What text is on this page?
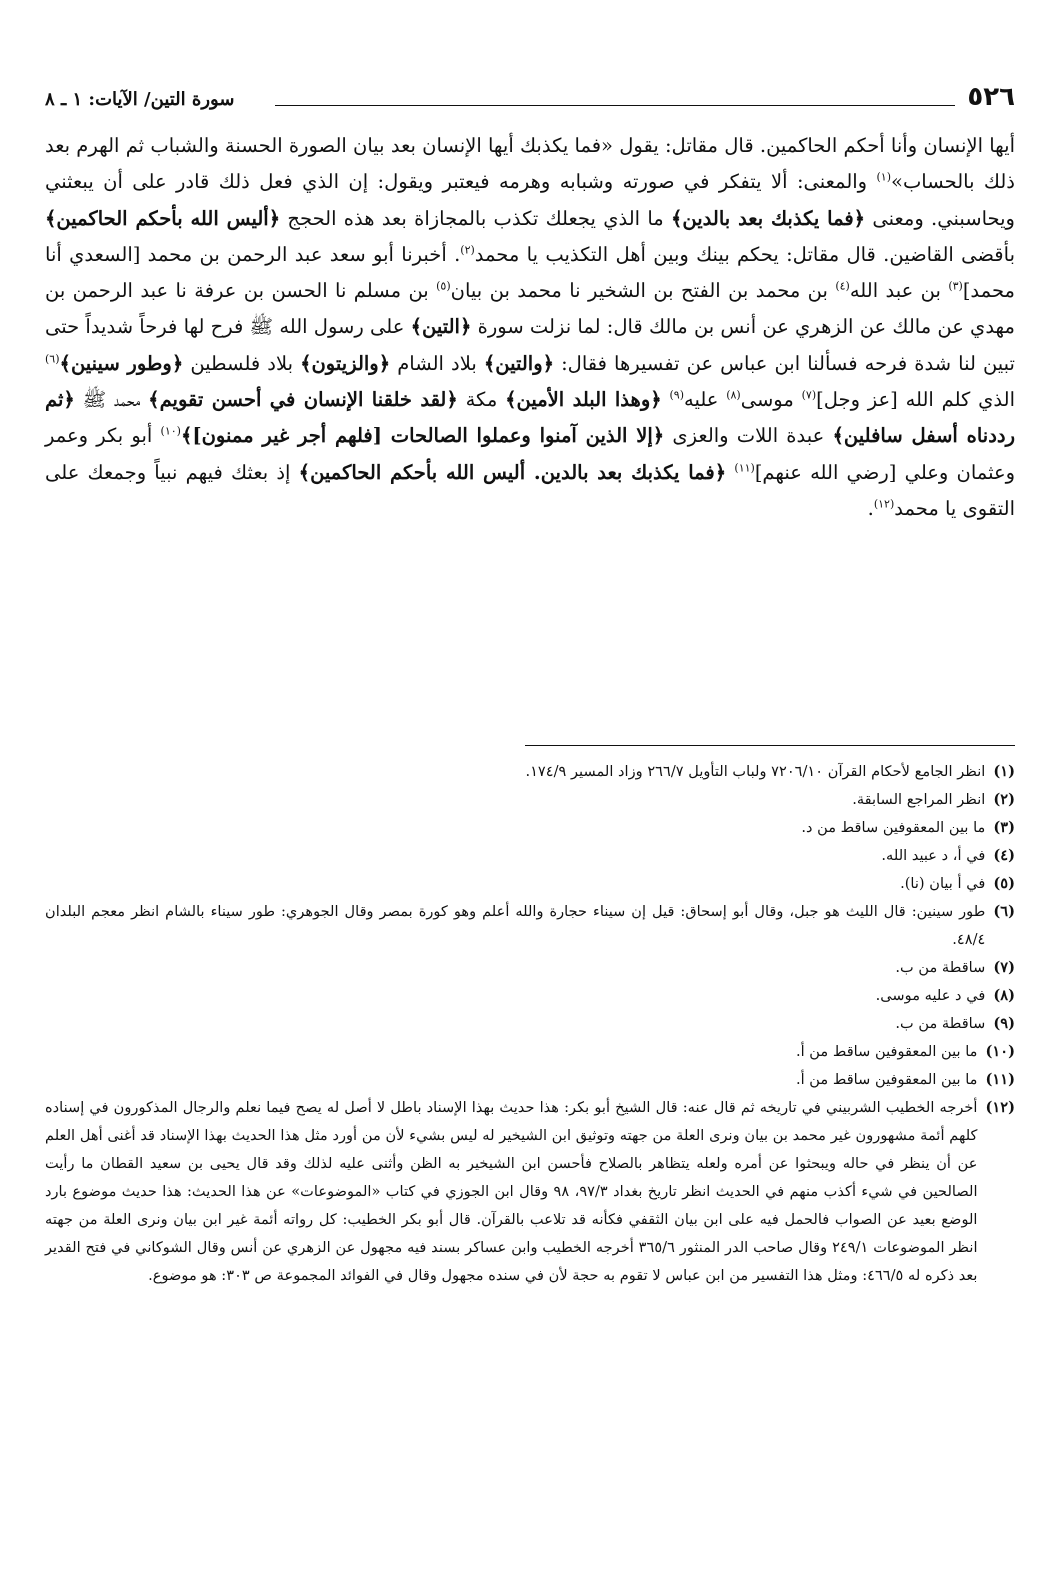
٥٢٦
سورة التين/ الآيات: ١ ـ ٨

أيها الإنسان وأنا أحكم الحاكمين. قال مقاتل: يقول «فما يكذبك أيها الإنسان بعد بيان الصورة الحسنة والشباب ثم الهرم بعد ذلك بالحساب»$^{(١)}$ والمعنى: ألا يتفكر في صورته وشبابه وهرمه فيعتبر ويقول: إن الذي فعل ذلك قادر على أن يبعثني ويحاسبني. ومعنى ﴿فما يكذبك بعد بالدين﴾ ما الذي يجعلك تكذب بالمجازاة بعد هذه الحجج ﴿أليس الله بأحكم الحاكمين﴾ بأقضى القاضين. قال مقاتل: يحكم بينك وبين أهل التكذيب يا محمد$^{(٢)}$. أخبرنا أبو سعد عبد الرحمن بن محمد [السعدي أنا محمد]$^{(٣)}$ بن عبد الله$^{(٤)}$ بن محمد بن الفتح بن الشخير نا محمد بن بيان$^{(٥)}$ بن مسلم نا الحسن بن عرفة نا عبد الرحمن بن مهدي عن مالك عن الزهري عن أنس بن مالك قال: لما نزلت سورة ﴿التين﴾ على رسول الله ﷺ فرح لها فرحاً شديداً حتى تبين لنا شدة فرحه فسألنا ابن عباس عن تفسيرها فقال: ﴿والتين﴾ بلاد الشام ﴿والزيتون﴾ بلاد فلسطين ﴿وطور سينين﴾$^{(٦)}$ الذي كلم الله [عز وجل]$^{(٧)}$ موسى$^{(٨)}$ عليه$^{(٩)}$ ﴿وهذا البلد الأمين﴾ مكة ﴿لقد خلقنا الإنسان في أحسن تقويم﴾ محمد ﷺ ﴿ثم رددناه أسفل سافلين﴾ عبدة اللات والعزى ﴿إلا الذين آمنوا وعملوا الصالحات [فلهم أجر غير ممنون]﴾$^{(١٠)}$ أبو بكر وعمر وعثمان وعلي [رضي الله عنهم]$^{(١١)}$ ﴿فما يكذبك بعد بالدين. أليس الله بأحكم الحاكمين﴾ إذ بعثك فيهم نبياً وجمعك على التقوى يا محمد$^{(١٢)}$.

(١)
انظر الجامع لأحكام القرآن ٧٢٠٦/١٠ ولباب التأويل ٢٦٦/٧ وزاد المسير ١٧٤/٩.
(٢)
انظر المراجع السابقة.
(٣)
ما بين المعقوفين ساقط من د.
(٤)
في أ، د عبيد الله.
(٥)
في أ بيان (نا).
(٦)
طور سينين: قال الليث هو جبل، وقال أبو إسحاق: قيل إن سيناء حجارة والله أعلم وهو كورة بمصر وقال الجوهري: طور سيناء بالشام انظر معجم البلدان ٤٨/٤.
(٧)
ساقطة من ب.
(٨)
في د عليه موسى.
(٩)
ساقطة من ب.
(١٠)
ما بين المعقوفين ساقط من أ.
(١١)
ما بين المعقوفين ساقط من أ.
(١٢)
أخرجه الخطيب الشربيني في تاريخه ثم قال عنه: قال الشيخ أبو بكر: هذا حديث بهذا الإسناد باطل لا أصل له يصح فيما نعلم والرجال المذكورون في إسناده كلهم أئمة مشهورون غير محمد بن بيان ونرى العلة من جهته وتوثيق ابن الشيخير له ليس بشيء لأن من أورد مثل هذا الحديث بهذا الإسناد قد أغنى أهل العلم عن أن ينظر في حاله ويبحثوا عن أمره ولعله يتظاهر بالصلاح فأحسن ابن الشيخير به الظن وأثنى عليه لذلك وقد قال يحيى بن سعيد القطان ما رأيت الصالحين في شيء أكذب منهم في الحديث انظر تاريخ بغداد ٩٧/٣، ٩٨ وقال ابن الجوزي في كتاب «الموضوعات» عن هذا الحديث: هذا حديث موضوع بارد الوضع بعيد عن الصواب فالحمل فيه على ابن بيان الثقفي فكأنه قد تلاعب بالقرآن. قال أبو بكر الخطيب: كل رواته أئمة غير ابن بيان ونرى العلة من جهته انظر الموضوعات ٢٤٩/١ وقال صاحب الدر المنثور ٣٦٥/٦ أخرجه الخطيب وابن عساكر بسند فيه مجهول عن الزهري عن أنس وقال الشوكاني في فتح القدير بعد ذكره له ٤٦٦/٥: ومثل هذا التفسير من ابن عباس لا تقوم به حجة لأن في سنده مجهول وقال في الفوائد المجموعة ص ٣٠٣: هو موضوع.
